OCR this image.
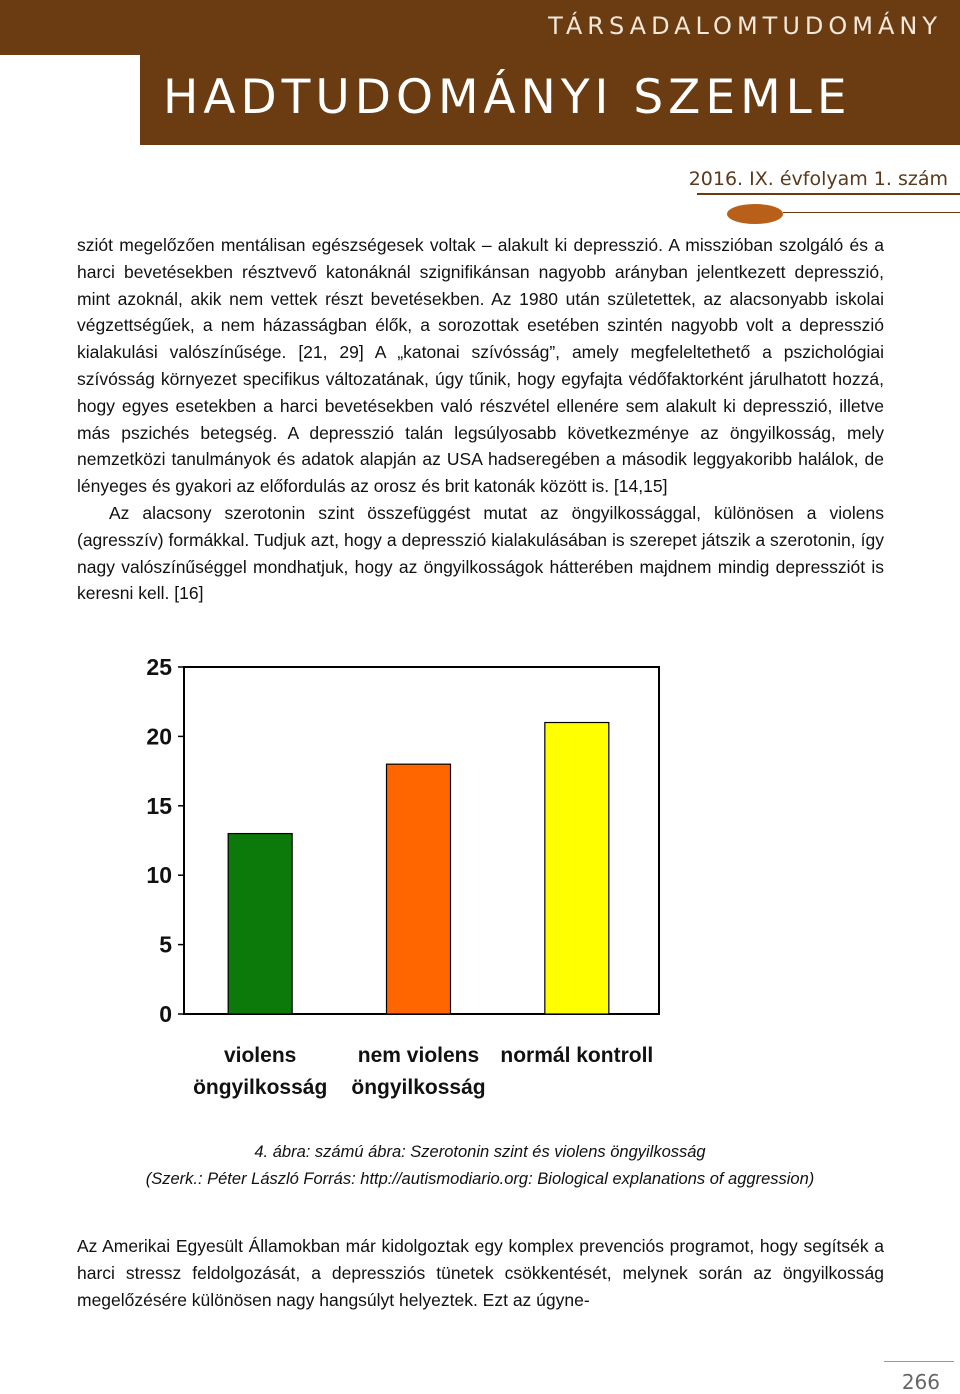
TÁRSADALOMTUDOMÁNY
HADTUDOMÁNYI SZEMLE
2016. IX. évfolyam 1. szám

sziót megelőzően mentálisan egészségesek voltak – alakult ki depresszió. A misszióban szolgáló és a harci bevetésekben résztvevő katonáknál szignifikánsan nagyobb arányban jelentkezett depresszió, mint azoknál, akik nem vettek részt bevetésekben. Az 1980 után születettek, az alacsonyabb iskolai végzettségűek, a nem házasságban élők, a sorozottak esetében szintén nagyobb volt a depresszió kialakulási valószínűsége. [21, 29] A „katonai szívósság”, amely megfeleltethető a pszichológiai szívósság környezet specifikus változatának, úgy tűnik, hogy egyfajta védőfaktorként járulhatott hozzá, hogy egyes esetekben a harci bevetésekben való részvétel ellenére sem alakult ki depresszió, illetve más pszichés betegség. A depresszió talán legsúlyosabb következménye az öngyilkosság, mely nemzetközi tanulmányok és adatok alapján az USA hadseregében a második leggyakoribb halálok, de lényeges és gyakori az előfordulás az orosz és brit katonák között is. [14,15]

Az alacsony szerotonin szint összefüggést mutat az öngyilkossággal, különösen a violens (agresszív) formákkal. Tudjuk azt, hogy a depresszió kialakulásában is szerepet játszik a szerotonin, így nagy valószínűséggel mondhatjuk, hogy az öngyilkosságok hátterében majdnem mindig depressziót is keresni kell. [16]

0
5
10
15
20
25
violens
öngyilkosság
nem violens
öngyilkosság
normál kontroll
4. ábra: számú ábra: Szerotonin szint és violens öngyilkosság
(Szerk.: Péter László Forrás: http://autismodiario.org: Biological explanations of aggression)

Az Amerikai Egyesült Államokban már kidolgoztak egy komplex prevenciós programot, hogy segítsék a harci stressz feldolgozását, a depressziós tünetek csökkentését, melynek során az öngyilkosság megelőzésére különösen nagy hangsúlyt helyeztek. Ezt az úgyne-

266
